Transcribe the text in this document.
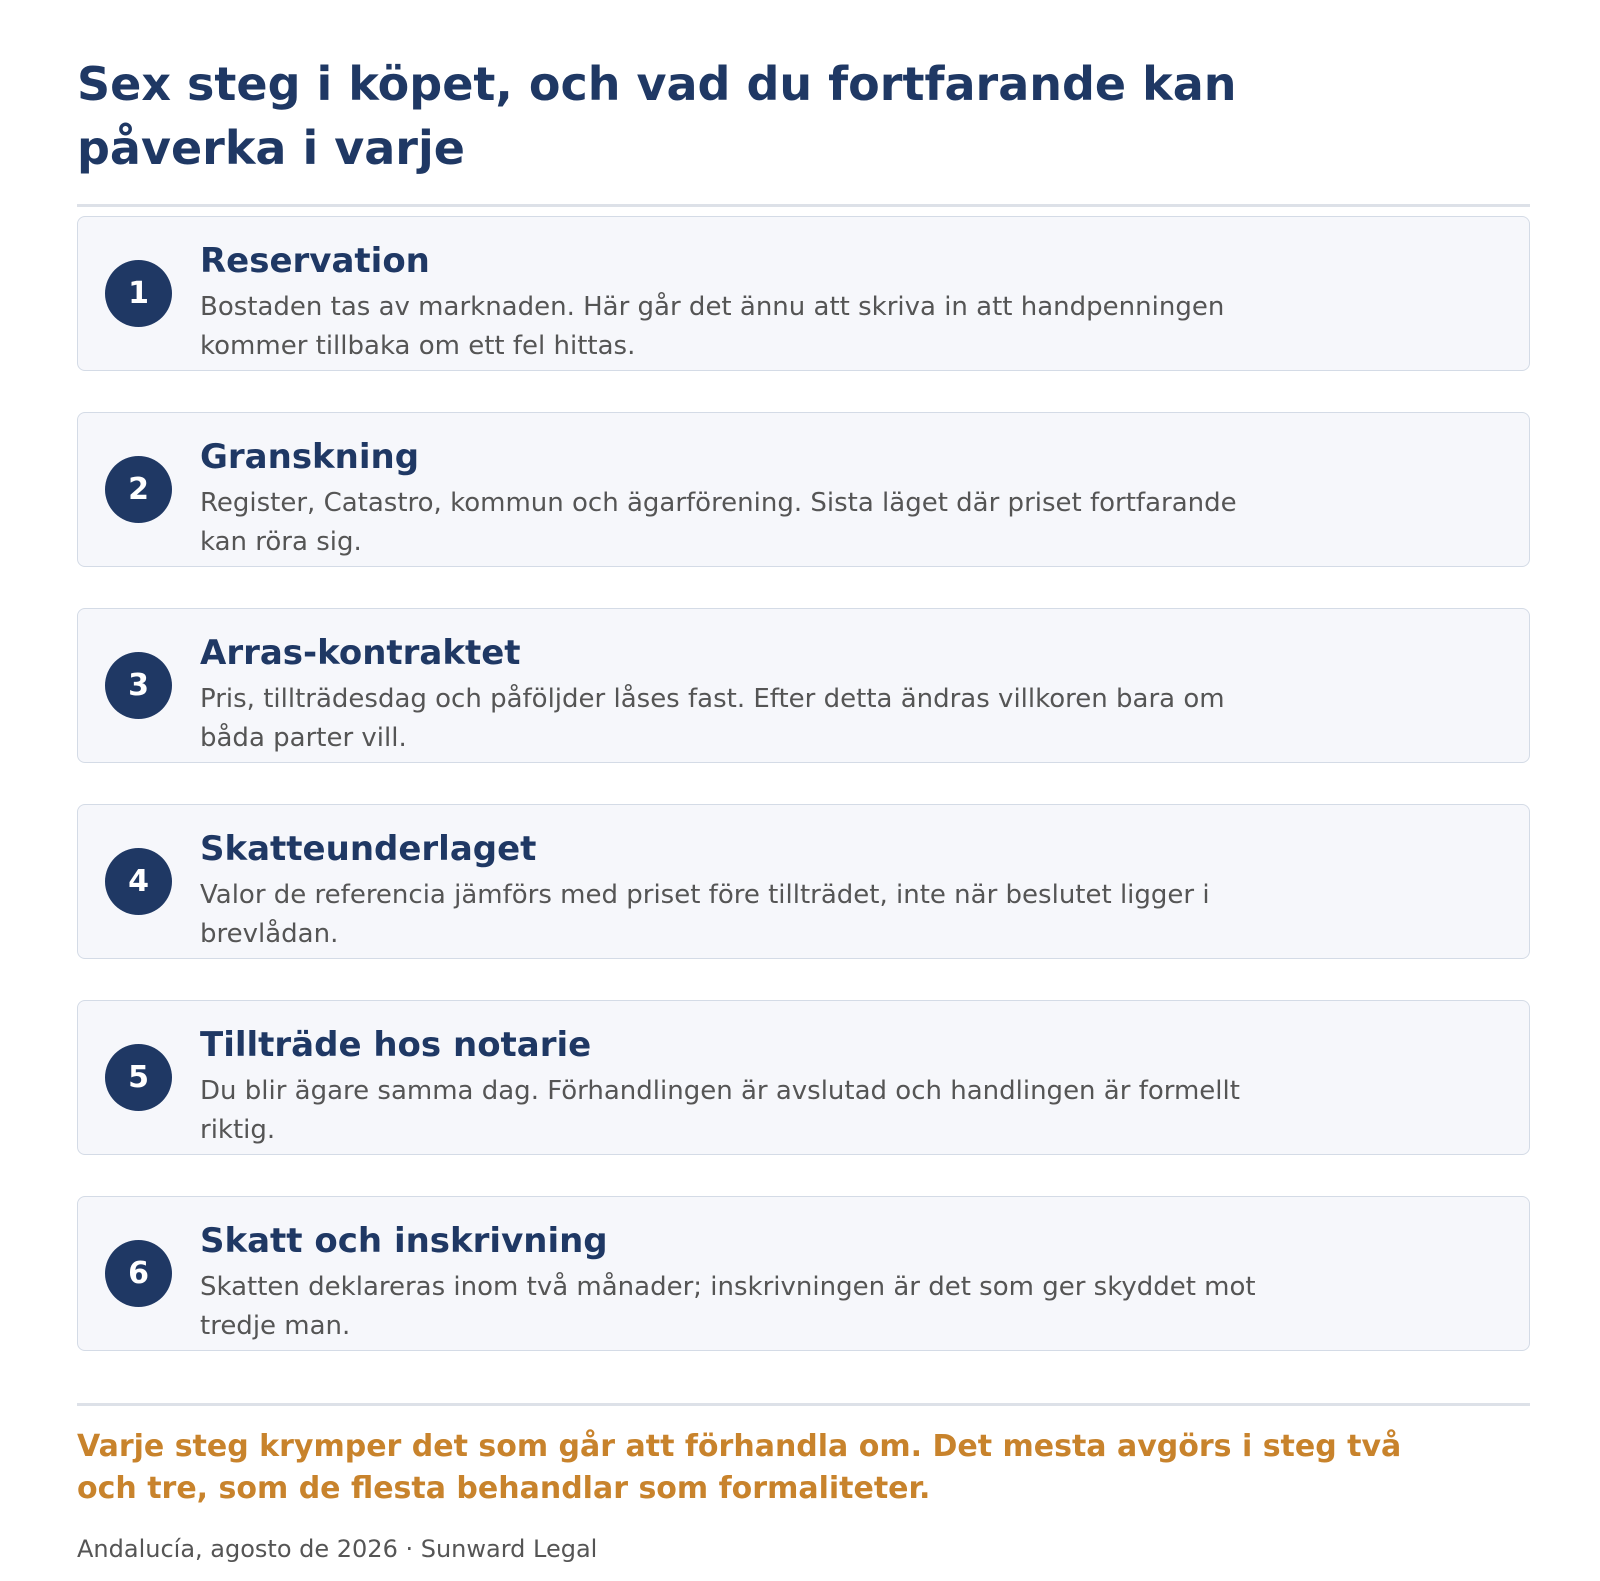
Sex steg i köpet, och vad du fortfarande kan påverka i varje
1
Reservation
Bostaden tas av marknaden. Här går det ännu att skriva in att handpenningen kommer tillbaka om ett fel hittas.
2
Granskning
Register, Catastro, kommun och ägarförening. Sista läget där priset fortfarande kan röra sig.
3
Arras-kontraktet
Pris, tillträdesdag och påföljder låses fast. Efter detta ändras villkoren bara om båda parter vill.
4
Skatteunderlaget
Valor de referencia jämförs med priset före tillträdet, inte när beslutet ligger i brevlådan.
5
Tillträde hos notarie
Du blir ägare samma dag. Förhandlingen är avslutad och handlingen är formellt riktig.
6
Skatt och inskrivning
Skatten deklareras inom två månader; inskrivningen är det som ger skyddet mot tredje man.

Varje steg krymper det som går att förhandla om. Det mesta avgörs i steg två och tre, som de flesta behandlar som formaliteter.

Andalucía, agosto de 2026 · Sunward Legal
